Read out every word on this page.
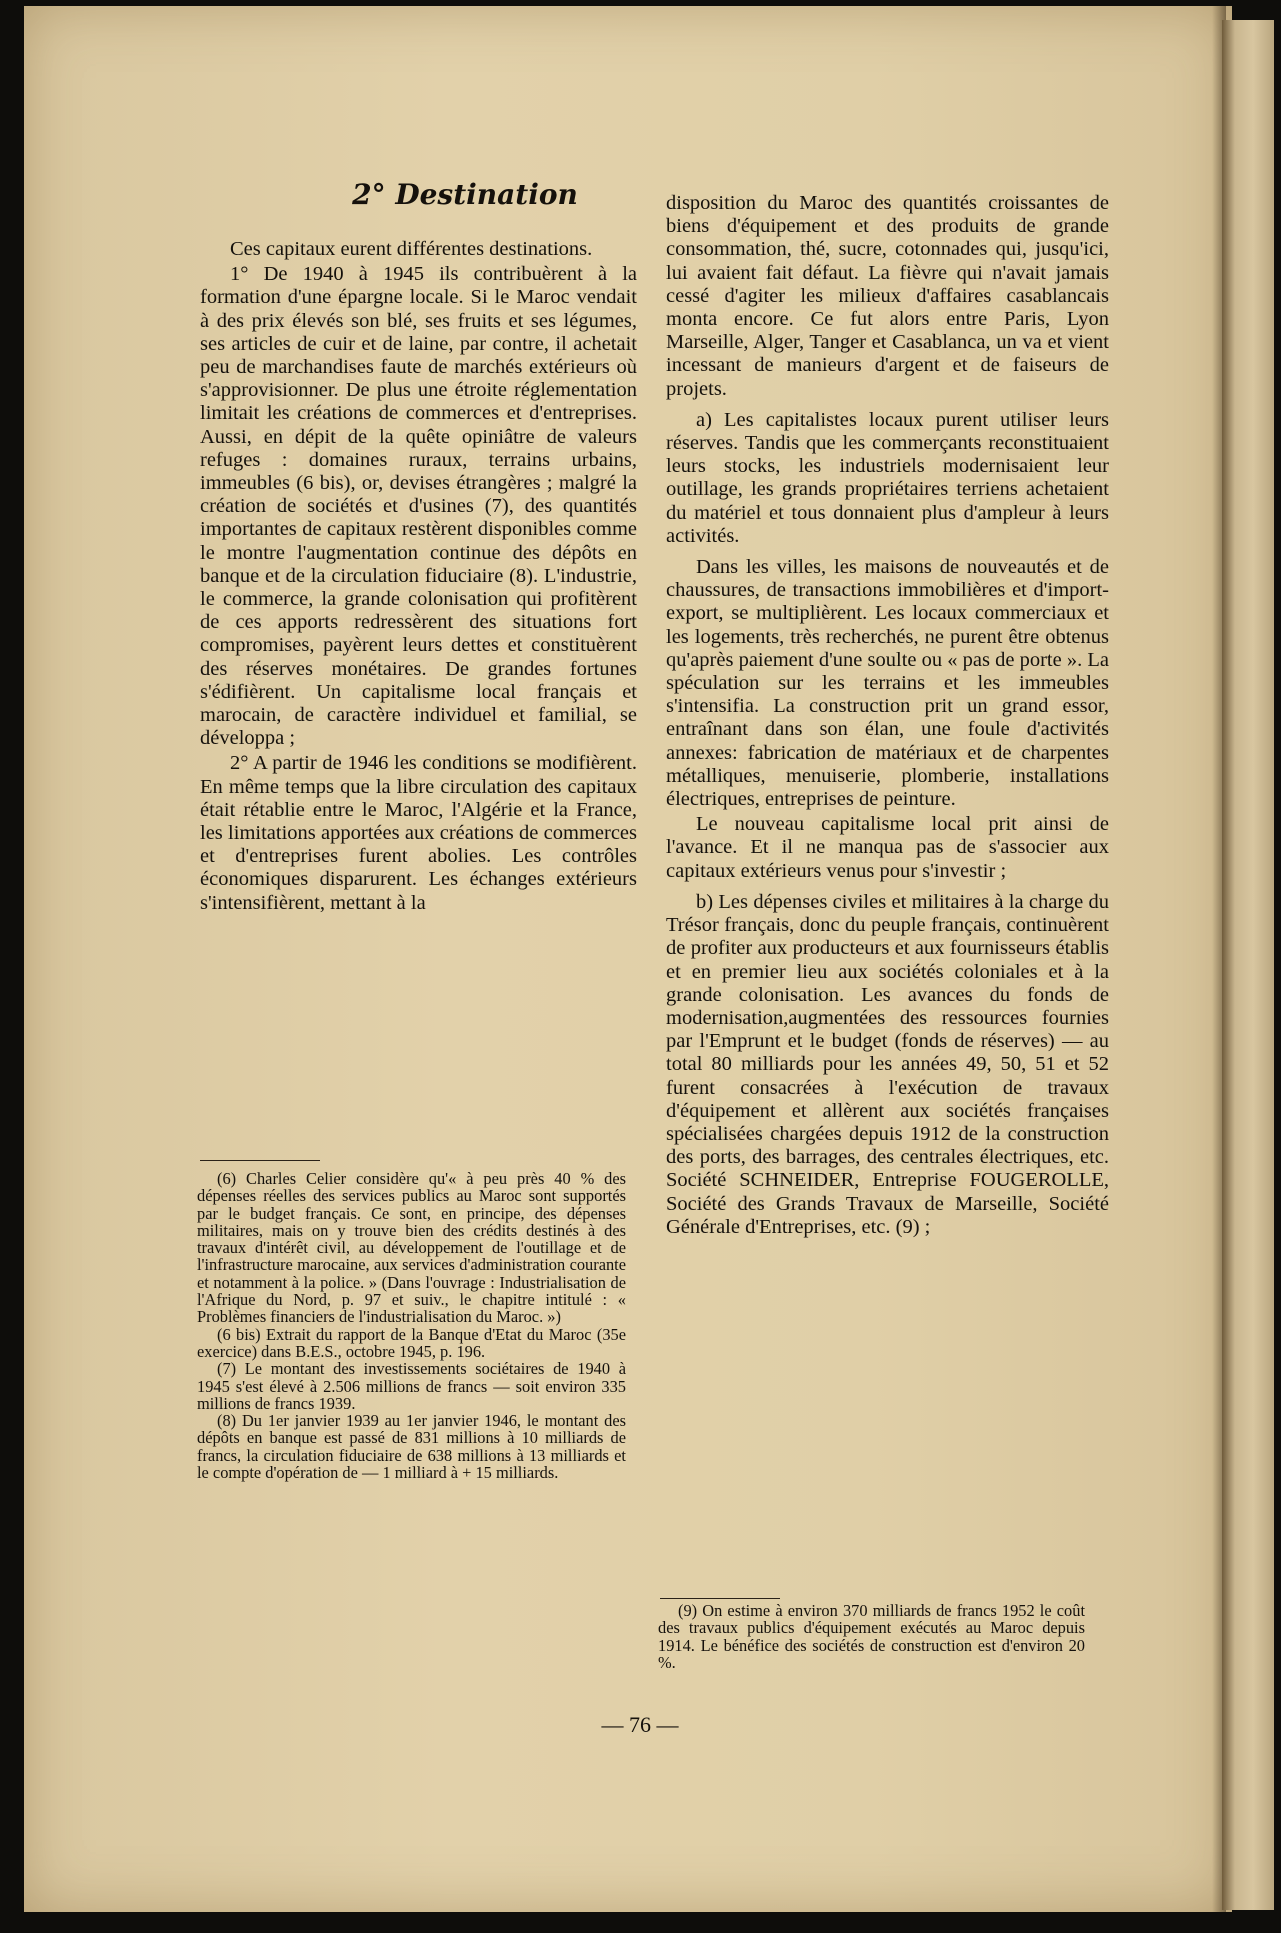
2° Destination

Ces capitaux eurent différentes destinations.

1° De 1940 à 1945 ils contribuèrent à la formation d'une épargne locale. Si le Maroc vendait à des prix élevés son blé, ses fruits et ses légumes, ses articles de cuir et de laine, par contre, il achetait peu de marchandises faute de marchés extérieurs où s'approvisionner. De plus une étroite réglementation limitait les créations de commerces et d'entreprises. Aussi, en dépit de la quête opiniâtre de valeurs refuges : domaines ruraux, terrains urbains, immeubles (6 bis), or, devises étrangères ; malgré la création de sociétés et d'usines (7), des quantités importantes de capitaux restèrent disponibles comme le montre l'augmentation continue des dépôts en banque et de la circulation fiduciaire (8). L'industrie, le commerce, la grande colonisation qui profitèrent de ces apports redressèrent des situations fort compromises, payèrent leurs dettes et constituèrent des réserves monétaires. De grandes fortunes s'édifièrent. Un capitalisme local français et marocain, de caractère individuel et familial, se développa ;

2° A partir de 1946 les conditions se modifièrent. En même temps que la libre circulation des capitaux était rétablie entre le Maroc, l'Algérie et la France, les limitations apportées aux créations de commerces et d'entreprises furent abolies. Les contrôles économiques disparurent. Les échanges extérieurs s'intensifièrent, mettant à la

(6) Charles Celier considère qu'« à peu près 40 % des dépenses réelles des services publics au Maroc sont supportés par le budget français. Ce sont, en principe, des dépenses militaires, mais on y trouve bien des crédits destinés à des travaux d'intérêt civil, au développement de l'outillage et de l'infrastructure marocaine, aux services d'administration courante et notamment à la police. » (Dans l'ouvrage : Industrialisation de l'Afrique du Nord, p. 97 et suiv., le chapitre intitulé : « Problèmes financiers de l'industrialisation du Maroc. »)

(6 bis) Extrait du rapport de la Banque d'Etat du Maroc (35e exercice) dans B.E.S., octobre 1945, p. 196.

(7) Le montant des investissements sociétaires de 1940 à 1945 s'est élevé à 2.506 millions de francs — soit environ 335 millions de francs 1939.

(8) Du 1er janvier 1939 au 1er janvier 1946, le montant des dépôts en banque est passé de 831 millions à 10 milliards de francs, la circulation fiduciaire de 638 millions à 13 milliards et le compte d'opération de — 1 milliard à + 15 milliards.

disposition du Maroc des quantités croissantes de biens d'équipement et des produits de grande consommation, thé, sucre, cotonnades qui, jusqu'ici, lui avaient fait défaut. La fièvre qui n'avait jamais cessé d'agiter les milieux d'affaires casablancais monta encore. Ce fut alors entre Paris, Lyon Marseille, Alger, Tanger et Casablanca, un va et vient incessant de manieurs d'argent et de faiseurs de projets.

a) Les capitalistes locaux purent utiliser leurs réserves. Tandis que les commerçants reconstituaient leurs stocks, les industriels modernisaient leur outillage, les grands propriétaires terriens achetaient du matériel et tous donnaient plus d'ampleur à leurs activités.

Dans les villes, les maisons de nouveautés et de chaussures, de transactions immobilières et d'import-export, se multiplièrent. Les locaux commerciaux et les logements, très recherchés, ne purent être obtenus qu'après paiement d'une soulte ou « pas de porte ». La spéculation sur les terrains et les immeubles s'intensifia. La construction prit un grand essor, entraînant dans son élan, une foule d'activités annexes: fabrication de matériaux et de charpentes métalliques, menuiserie, plomberie, installations électriques, entreprises de peinture.

Le nouveau capitalisme local prit ainsi de l'avance. Et il ne manqua pas de s'associer aux capitaux extérieurs venus pour s'investir ;

b) Les dépenses civiles et militaires à la charge du Trésor français, donc du peuple français, continuèrent de profiter aux producteurs et aux fournisseurs établis et en premier lieu aux sociétés coloniales et à la grande colonisation. Les avances du fonds de modernisation,augmentées des ressources fournies par l'Emprunt et le budget (fonds de réserves) — au total 80 milliards pour les années 49, 50, 51 et 52 furent consacrées à l'exécution de travaux d'équipement et allèrent aux sociétés françaises spécialisées chargées depuis 1912 de la construction des ports, des barrages, des centrales électriques, etc. Société SCHNEIDER, Entreprise FOUGEROLLE, Société des Grands Travaux de Marseille, Société Générale d'Entreprises, etc. (9) ;

(9) On estime à environ 370 milliards de francs 1952 le coût des travaux publics d'équipement exécutés au Maroc depuis 1914. Le bénéfice des sociétés de construction est d'environ 20 %.

— 76 —
